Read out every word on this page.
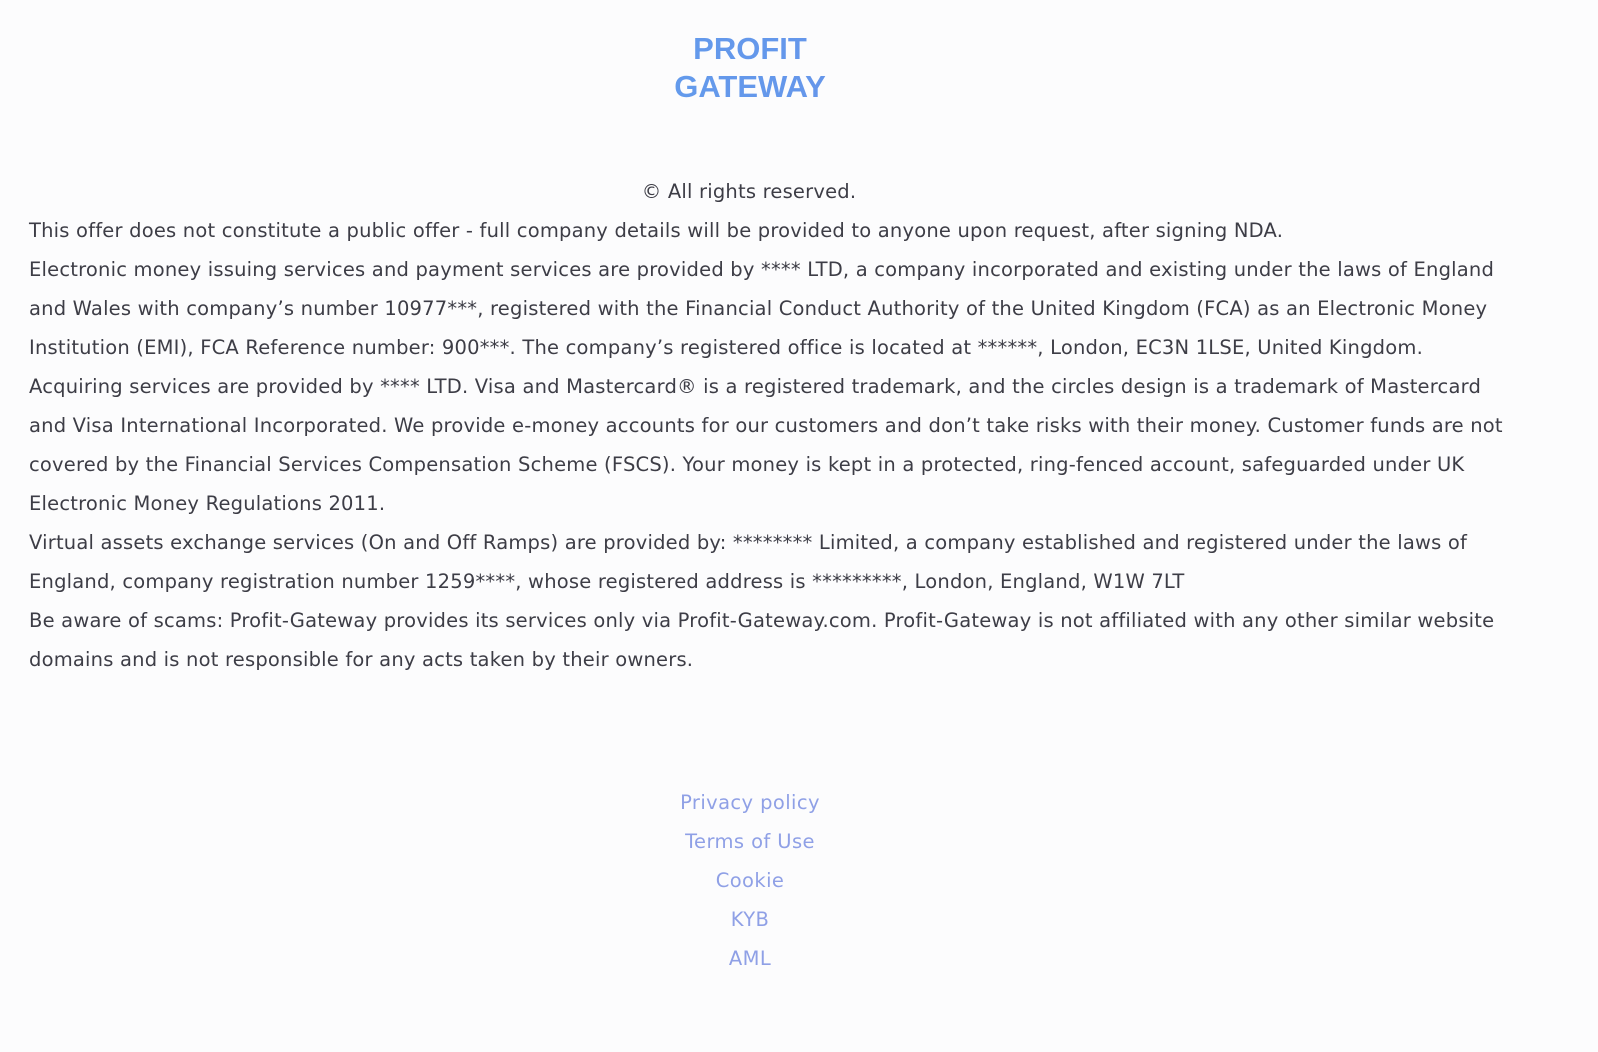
PROFIT
GATEWAY

© All rights reserved.

This offer does not constitute a public offer - full company details will be provided to anyone upon request, after signing NDA.

Electronic money issuing services and payment services are provided by **** LTD, a company incorporated and existing under the laws of England and Wales with company’s number 10977***, registered with the Financial Conduct Authority of the United Kingdom (FCA) as an Electronic Money Institution (EMI), FCA Reference number: 900***. The company’s registered office is located at ******, London, EC3N 1LSE, United Kingdom.

Acquiring services are provided by **** LTD. Visa and Mastercard® is a registered trademark, and the circles design is a trademark of Mastercard and Visa International Incorporated. We provide e-money accounts for our customers and don’t take risks with their money. Customer funds are not covered by the Financial Services Compensation Scheme (FSCS). Your money is kept in a protected, ring-fenced account, safeguarded under UK Electronic Money Regulations 2011.

Virtual assets exchange services (On and Off Ramps) are provided by: ******** Limited, a company established and registered under the laws of England, company registration number 1259****, whose registered address is *********, London, England, W1W 7LT

Be aware of scams: Profit-Gateway provides its services only via Profit-Gateway.com. Profit-Gateway is not affiliated with any other similar website domains and is not responsible for any acts taken by their owners.

Privacy policy
Terms of Use
Cookie
KYB
AML
